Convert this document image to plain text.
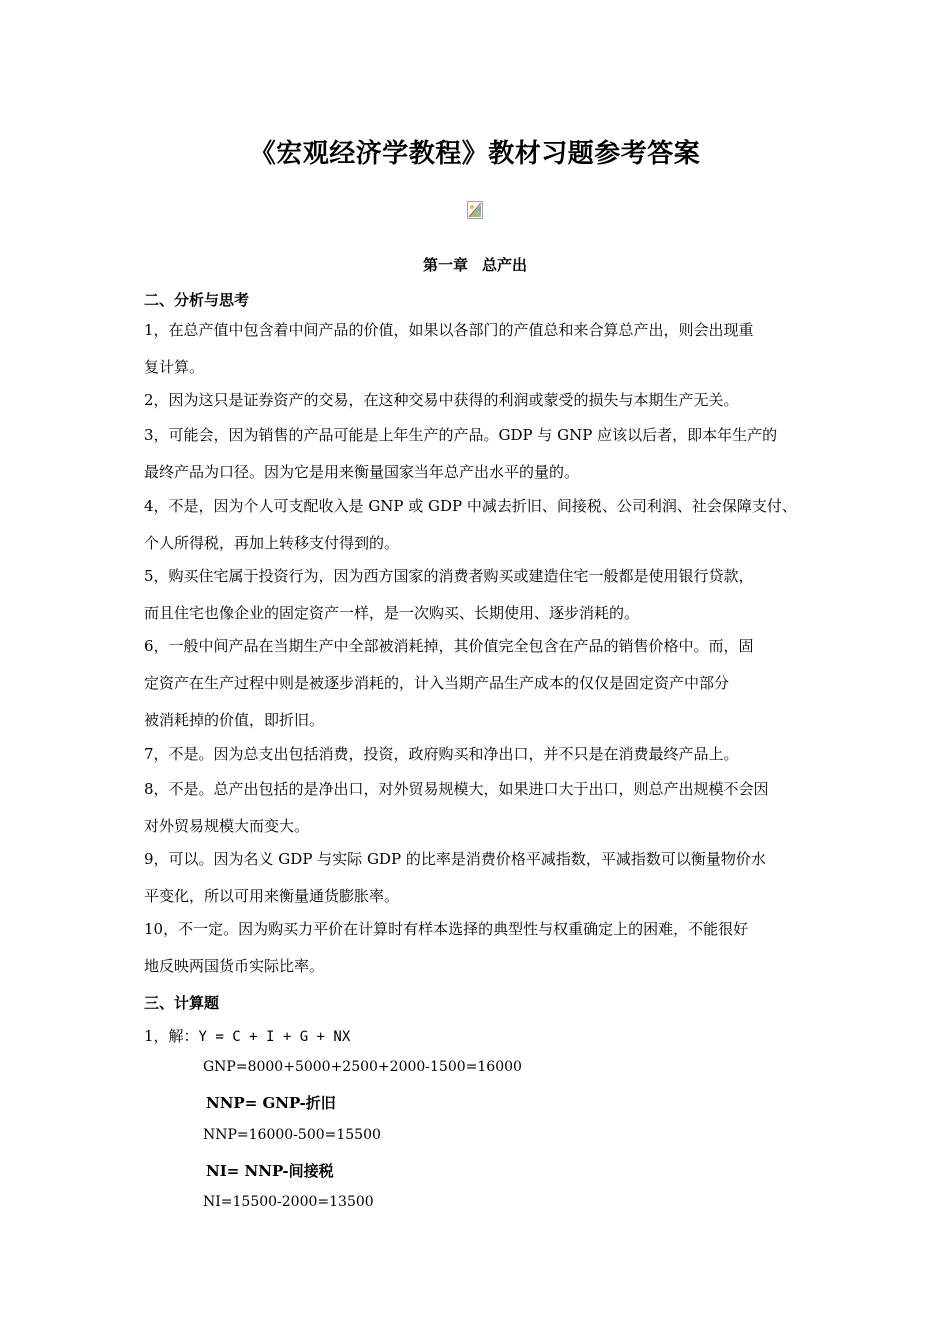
《宏观经济学教程》教材习题参考答案
第一章 总产出
二、分析与思考
1，在总产值中包含着中间产品的价值，如果以各部门的产值总和来合算总产出，则会出现重
复计算。
2，因为这只是证券资产的交易，在这种交易中获得的利润或蒙受的损失与本期生产无关。
3，可能会，因为销售的产品可能是上年生产的产品。GDP 与 GNP 应该以后者，即本年生产的
最终产品为口径。因为它是用来衡量国家当年总产出水平的量的。
4，不是，因为个人可支配收入是 GNP 或 GDP 中减去折旧、间接税、公司利润、社会保障支付、
个人所得税，再加上转移支付得到的。
5，购买住宅属于投资行为，因为西方国家的消费者购买或建造住宅一般都是使用银行贷款，
而且住宅也像企业的固定资产一样，是一次购买、长期使用、逐步消耗的。
6，一般中间产品在当期生产中全部被消耗掉，其价值完全包含在产品的销售价格中。而，固
定资产在生产过程中则是被逐步消耗的，计入当期产品生产成本的仅仅是固定资产中部分
被消耗掉的价值，即折旧。
7，不是。因为总支出包括消费，投资，政府购买和净出口，并不只是在消费最终产品上。
8，不是。总产出包括的是净出口，对外贸易规模大，如果进口大于出口，则总产出规模不会因
对外贸易规模大而变大。
9，可以。因为名义 GDP 与实际 GDP 的比率是消费价格平减指数，平减指数可以衡量物价水
平变化，所以可用来衡量通货膨胀率。
10，不一定。因为购买力平价在计算时有样本选择的典型性与权重确定上的困难，不能很好
地反映两国货币实际比率。
三、计算题
1，解：Y = C + I + G + NX
GNP=8000+5000+2500+2000-1500=16000
NNP= GNP-折旧
NNP=16000-500=15500
NI= NNP-间接税
NI=15500-2000=13500
